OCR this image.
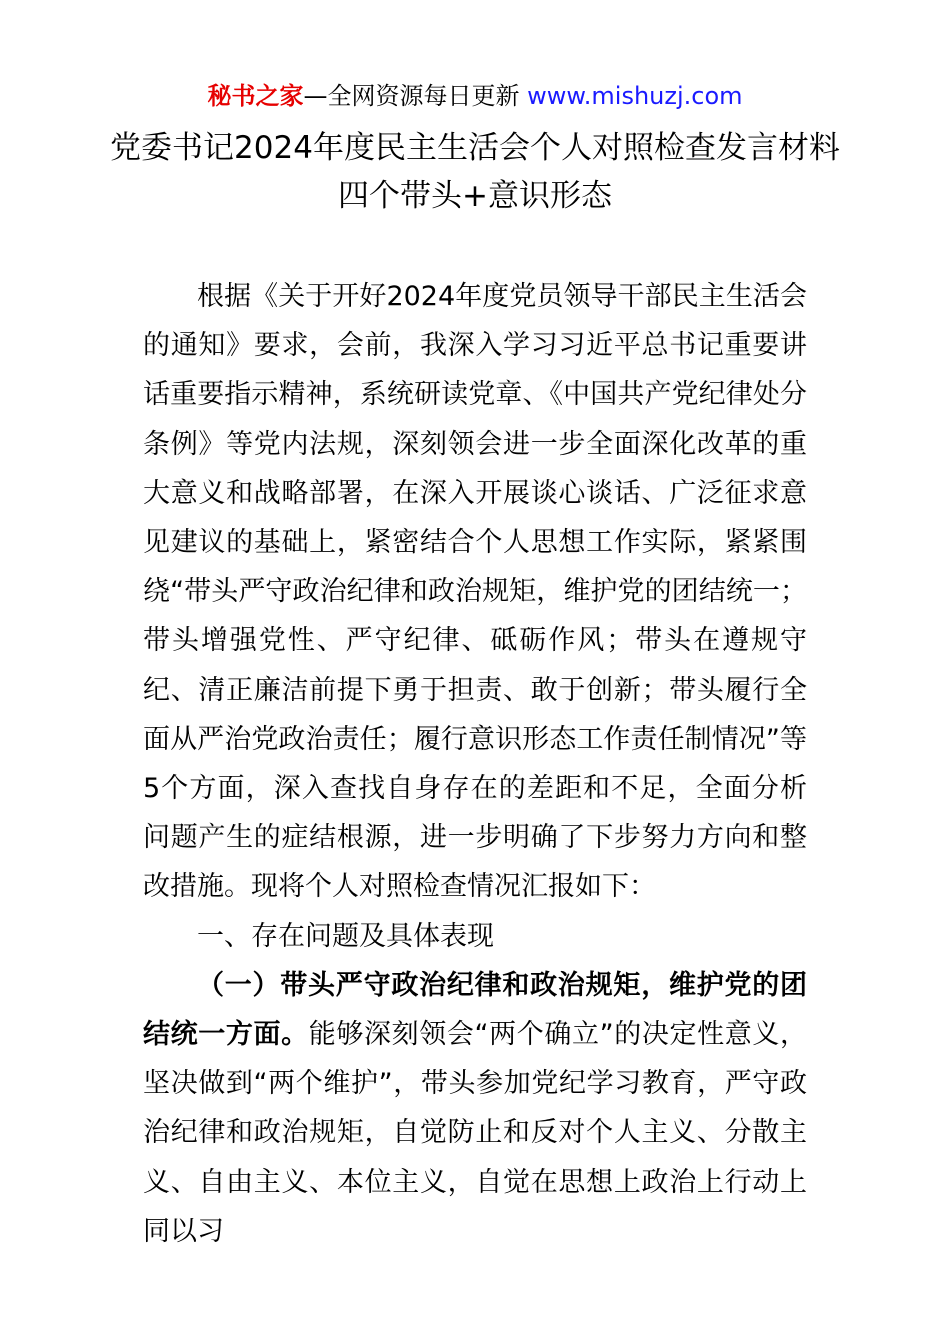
秘书之家—全网资源每日更新 www.mishuzj.com
党委书记2024年度民主生活会个人对照检查发言材料 四个带头+意识形态

根据《关于开好2024年度党员领导干部民主生活会的通知》要求，会前，我深入学习习近平总书记重要讲话重要指示精神，系统研读党章、《中国共产党纪律处分条例》等党内法规，深刻领会进一步全面深化改革的重大意义和战略部署，在深入开展谈心谈话、广泛征求意见建议的基础上，紧密结合个人思想工作实际，紧紧围绕“带头严守政治纪律和政治规矩，维护党的团结统一；带头增强党性、严守纪律、砥砺作风；带头在遵规守纪、清正廉洁前提下勇于担责、敢于创新；带头履行全面从严治党政治责任；履行意识形态工作责任制情况”等5个方面，深入查找自身存在的差距和不足，全面分析问题产生的症结根源，进一步明确了下步努力方向和整改措施。现将个人对照检查情况汇报如下：

一、存在问题及具体表现

（一）带头严守政治纪律和政治规矩，维护党的团结统一方面。能够深刻领会“两个确立”的决定性意义，坚决做到“两个维护”，带头参加党纪学习教育，严守政治纪律和政治规矩，自觉防止和反对个人主义、分散主义、自由主义、本位主义，自觉在思想上政治上行动上同以习
